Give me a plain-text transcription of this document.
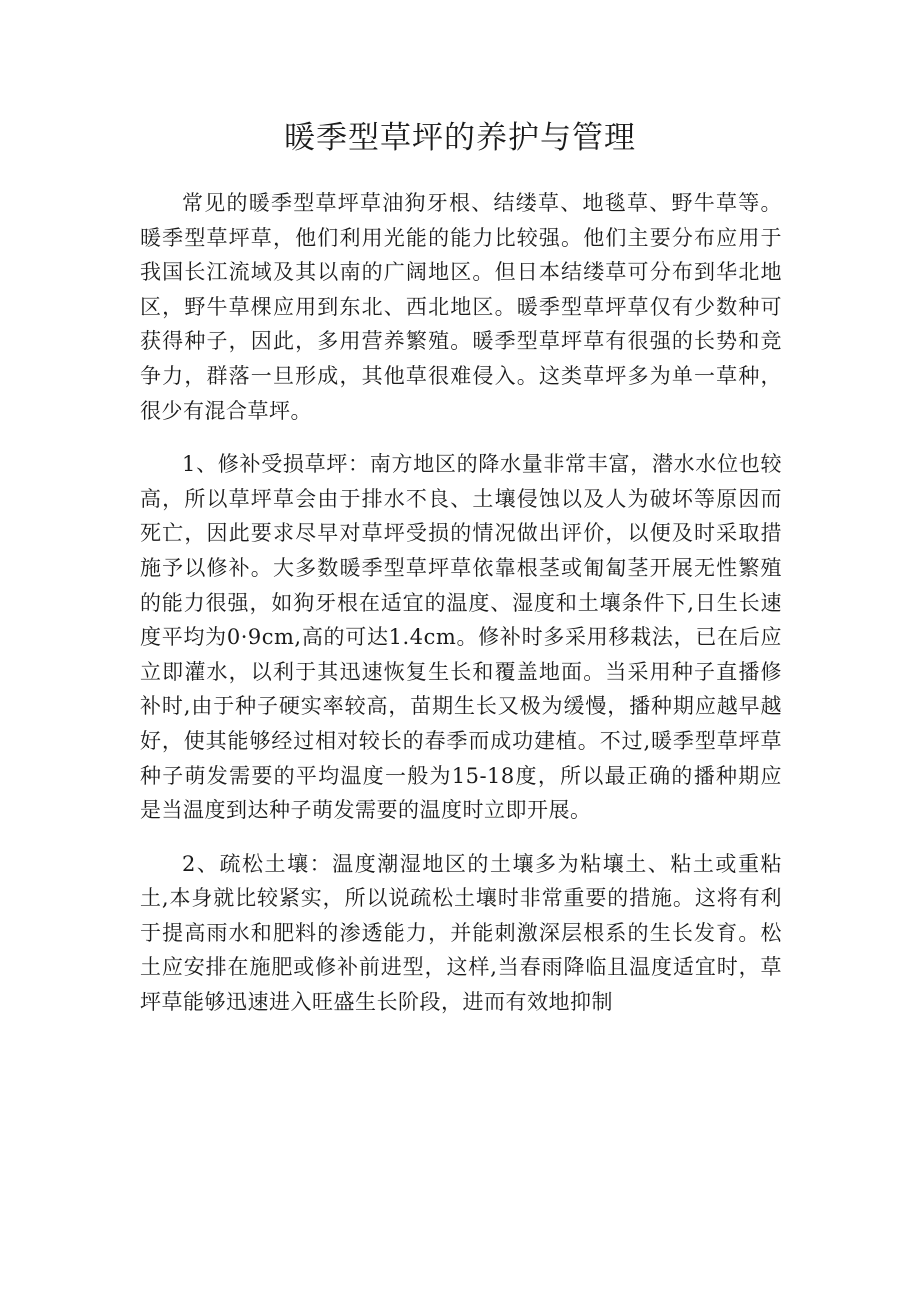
暖季型草坪的养护与管理

常见的暖季型草坪草油狗牙根、结缕草、地毯草、野牛草等。暖季型草坪草，他们利用光能的能力比较强。他们主要分布应用于我国长江流域及其以南的广阔地区。但日本结缕草可分布到华北地区，野牛草棵应用到东北、西北地区。暖季型草坪草仅有少数种可获得种子，因此，多用营养繁殖。暖季型草坪草有很强的长势和竞争力，群落一旦形成，其他草很难侵入。这类草坪多为单一草种，很少有混合草坪。

1、修补受损草坪：南方地区的降水量非常丰富，潜水水位也较高，所以草坪草会由于排水不良、土壤侵蚀以及人为破坏等原因而死亡，因此要求尽早对草坪受损的情况做出评价，以便及时采取措施予以修补。大多数暖季型草坪草依靠根茎或匍匐茎开展无性繁殖的能力很强，如狗牙根在适宜的温度、湿度和土壤条件下,日生长速度平均为0·9cm,高的可达1.4cm。修补时多采用移栽法，已在后应立即灌水，以利于其迅速恢复生长和覆盖地面。当采用种子直播修补时,由于种子硬实率较高，苗期生长又极为缓慢，播种期应越早越好，使其能够经过相对较长的春季而成功建植。不过,暖季型草坪草种子萌发需要的平均温度一般为15-18度，所以最正确的播种期应是当温度到达种子萌发需要的温度时立即开展。

2、疏松土壤：温度潮湿地区的土壤多为粘壤土、粘土或重粘土,本身就比较紧实，所以说疏松土壤时非常重要的措施。这将有利于提高雨水和肥料的渗透能力，并能刺激深层根系的生长发育。松土应安排在施肥或修补前进型，这样,当春雨降临且温度适宜时，草坪草能够迅速进入旺盛生长阶段，进而有效地抑制
